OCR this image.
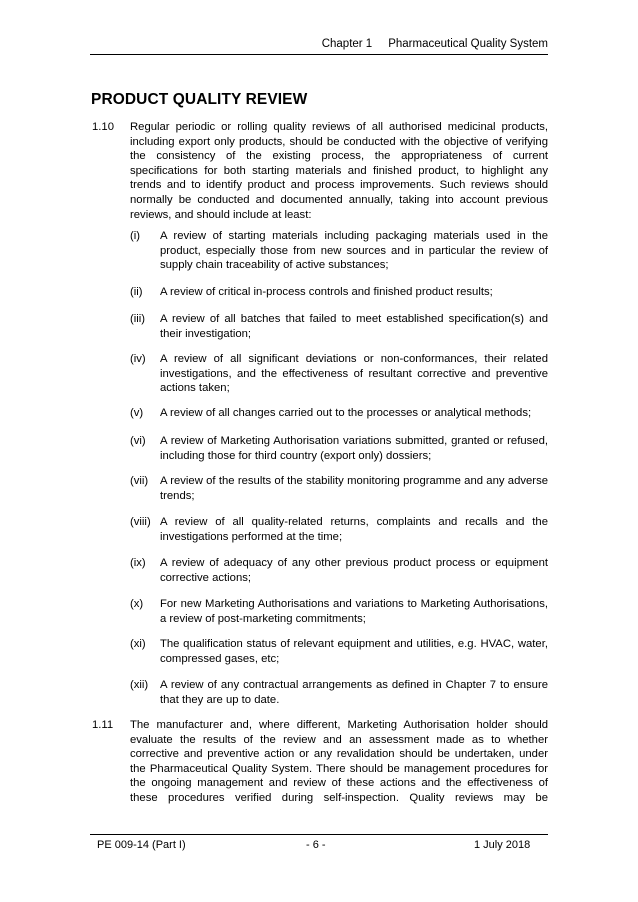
Chapter 1 Pharmaceutical Quality System
PRODUCT QUALITY REVIEW
1.10 Regular periodic or rolling quality reviews of all authorised medicinal products, including export only products, should be conducted with the objective of verifying the consistency of the existing process, the appropriateness of current specifications for both starting materials and finished product, to highlight any trends and to identify product and process improvements. Such reviews should normally be conducted and documented annually, taking into account previous reviews, and should include at least:
(i) A review of starting materials including packaging materials used in the product, especially those from new sources and in particular the review of supply chain traceability of active substances;
(ii) A review of critical in-process controls and finished product results;
(iii) A review of all batches that failed to meet established specification(s) and their investigation;
(iv) A review of all significant deviations or non-conformances, their related investigations, and the effectiveness of resultant corrective and preventive actions taken;
(v) A review of all changes carried out to the processes or analytical methods;
(vi) A review of Marketing Authorisation variations submitted, granted or refused, including those for third country (export only) dossiers;
(vii) A review of the results of the stability monitoring programme and any adverse trends;
(viii) A review of all quality-related returns, complaints and recalls and the investigations performed at the time;
(ix) A review of adequacy of any other previous product process or equipment corrective actions;
(x) For new Marketing Authorisations and variations to Marketing Authorisations, a review of post-marketing commitments;
(xi) The qualification status of relevant equipment and utilities, e.g. HVAC, water, compressed gases, etc;
(xii) A review of any contractual arrangements as defined in Chapter 7 to ensure that they are up to date.
1.11 The manufacturer and, where different, Marketing Authorisation holder should evaluate the results of the review and an assessment made as to whether corrective and preventive action or any revalidation should be undertaken, under the Pharmaceutical Quality System. There should be management procedures for the ongoing management and review of these actions and the effectiveness of these procedures verified during self-inspection. Quality reviews may be
PE 009-14 (Part I)	- 6 -	1 July 2018
